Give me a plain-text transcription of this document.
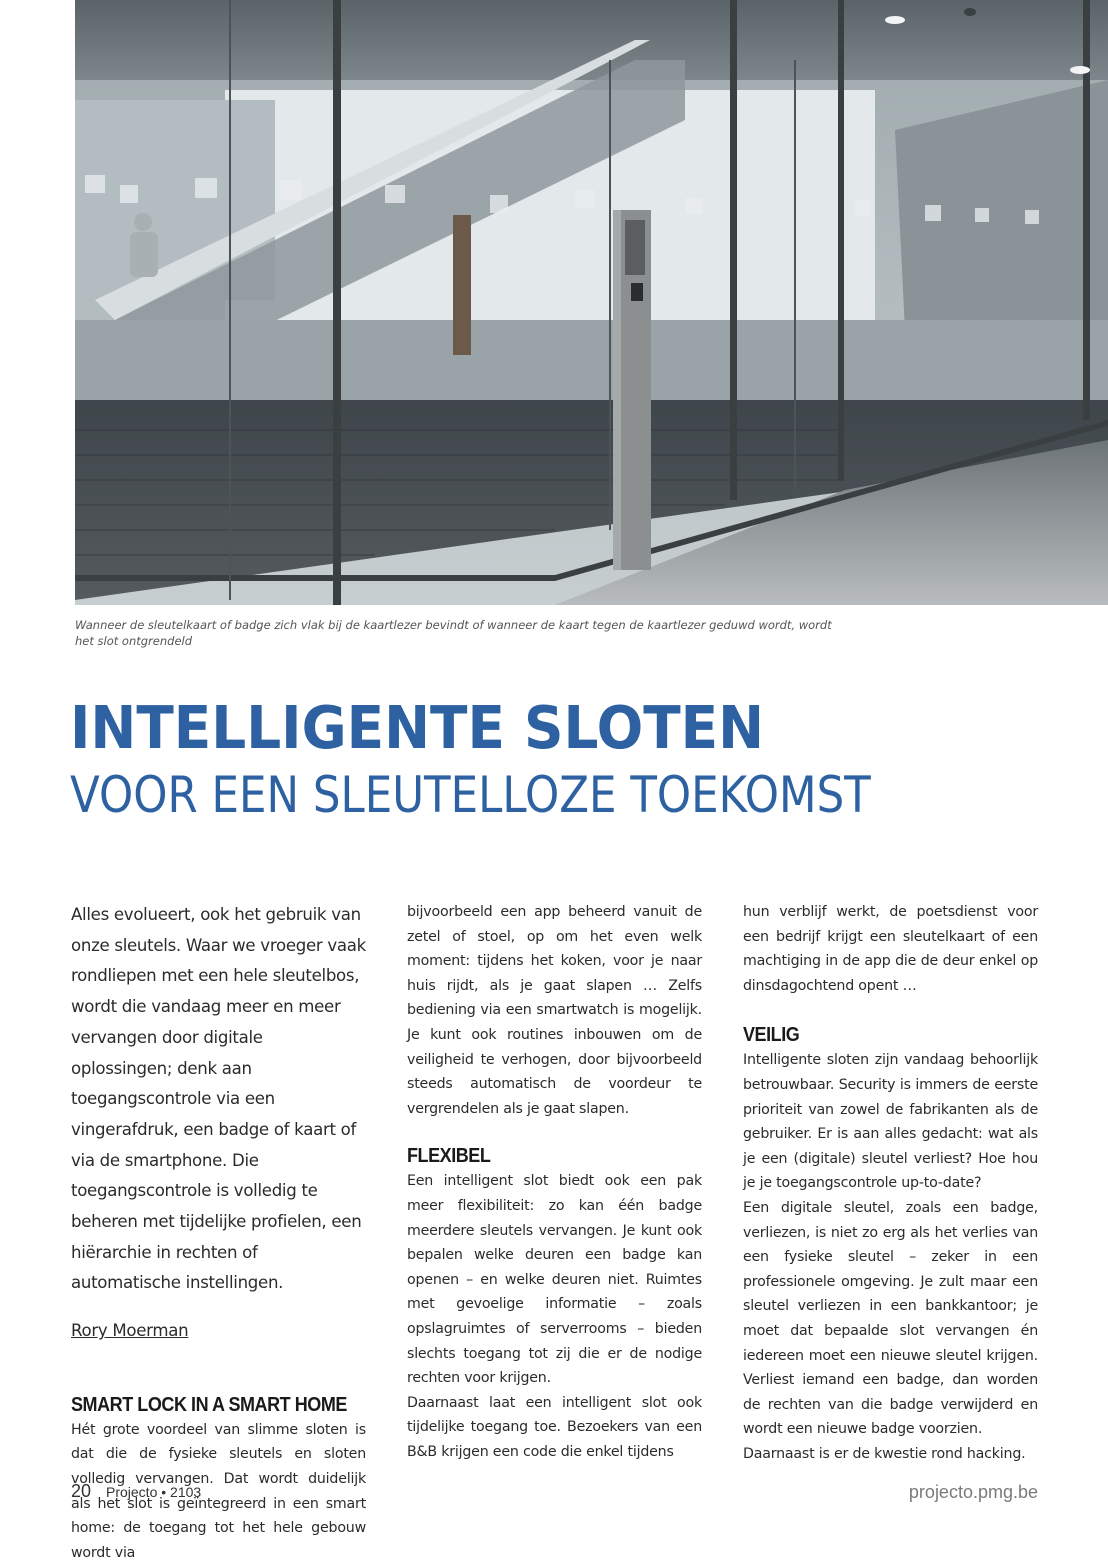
Wanneer de sleutelkaart of badge zich vlak bij de kaartlezer bevindt of wanneer de kaart tegen de kaartlezer geduwd wordt, wordt het slot ontgrendeld
INTELLIGENTE SLOTEN
VOOR EEN SLEUTELLOZE TOEKOMST

Alles evolueert, ook het gebruik van onze sleutels. Waar we vroeger vaak rondliepen met een hele sleutelbos, wordt die vandaag meer en meer vervangen door digitale oplossingen; denk aan toegangscontrole via een vingerafdruk, een badge of kaart of via de smartphone. Die toegangscontrole is volledig te beheren met tijdelijke profielen, een hiërarchie in rechten of automatische instellingen.

Rory Moerman

SMART LOCK IN A SMART HOME

Hét grote voordeel van slimme sloten is dat die de fysieke sleutels en sloten volledig vervangen. Dat wordt duidelijk als het slot is geïntegreerd in een smart home: de toegang tot het hele gebouw wordt via

bijvoorbeeld een app beheerd vanuit de zetel of stoel, op om het even welk moment: tijdens het koken, voor je naar huis rijdt, als je gaat slapen … Zelfs bediening via een smartwatch is mogelijk. Je kunt ook routines inbouwen om de veiligheid te verhogen, door bijvoorbeeld steeds automatisch de voordeur te vergrendelen als je gaat slapen.

FLEXIBEL

Een intelligent slot biedt ook een pak meer flexibiliteit: zo kan één badge meerdere sleutels vervangen. Je kunt ook bepalen welke deuren een badge kan openen – en welke deuren niet. Ruimtes met gevoelige informatie – zoals opslagruimtes of serverrooms – bieden slechts toegang tot zij die er de nodige rechten voor krijgen.

Daarnaast laat een intelligent slot ook tijdelijke toegang toe. Bezoekers van een B&B krijgen een code die enkel tijdens

hun verblijf werkt, de poetsdienst voor een bedrijf krijgt een sleutelkaart of een machtiging in de app die de deur enkel op dinsdagochtend opent …

VEILIG

Intelligente sloten zijn vandaag behoorlijk betrouwbaar. Security is immers de eerste prioriteit van zowel de fabrikanten als de gebruiker. Er is aan alles gedacht: wat als je een (digitale) sleutel verliest? Hoe hou je je toegangscontrole up-to-date?

Een digitale sleutel, zoals een badge, verliezen, is niet zo erg als het verlies van een fysieke sleutel – zeker in een professionele omgeving. Je zult maar een sleutel verliezen in een bankkantoor; je moet dat bepaalde slot vervangen én iedereen moet een nieuwe sleutel krijgen. Verliest iemand een badge, dan worden de rechten van die badge verwijderd en wordt een nieuwe badge voorzien.

Daarnaast is er de kwestie rond hacking.

20 Projecto • 2103	projecto.pmg.be
